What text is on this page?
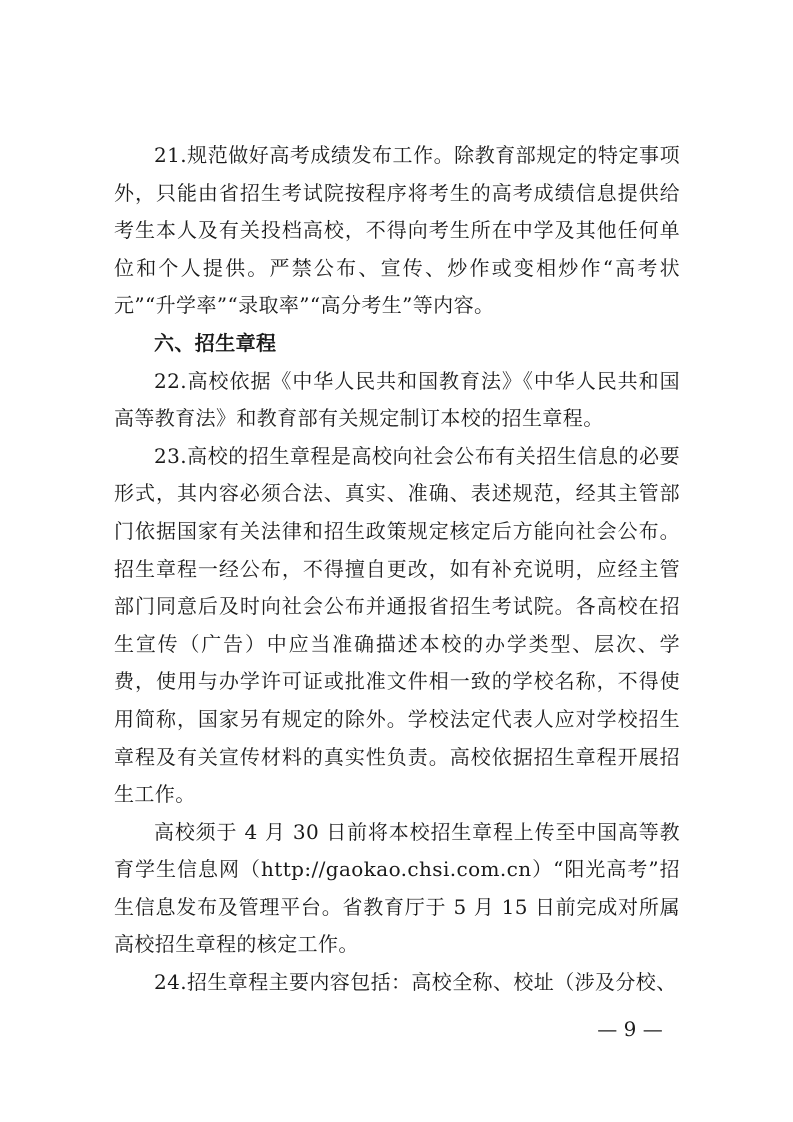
21.规范做好高考成绩发布工作。除教育部规定的特定事项外，只能由省招生考试院按程序将考生的高考成绩信息提供给考生本人及有关投档高校，不得向考生所在中学及其他任何单位和个人提供。严禁公布、宣传、炒作或变相炒作“高考状元”“升学率”“录取率”“高分考生”等内容。

六、招生章程

22.高校依据《中华人民共和国教育法》《中华人民共和国高等教育法》和教育部有关规定制订本校的招生章程。

23.高校的招生章程是高校向社会公布有关招生信息的必要形式，其内容必须合法、真实、准确、表述规范，经其主管部门依据国家有关法律和招生政策规定核定后方能向社会公布。招生章程一经公布，不得擅自更改，如有补充说明，应经主管部门同意后及时向社会公布并通报省招生考试院。各高校在招生宣传（广告）中应当准确描述本校的办学类型、层次、学费，使用与办学许可证或批准文件相一致的学校名称，不得使用简称，国家另有规定的除外。学校法定代表人应对学校招生章程及有关宣传材料的真实性负责。高校依据招生章程开展招生工作。

高校须于 4 月 30 日前将本校招生章程上传至中国高等教育学生信息网（http://gaokao.chsi.com.cn）“阳光高考”招生信息发布及管理平台。省教育厅于 5 月 15 日前完成对所属高校招生章程的核定工作。

24.招生章程主要内容包括：高校全称、校址（涉及分校、

— 9 —
